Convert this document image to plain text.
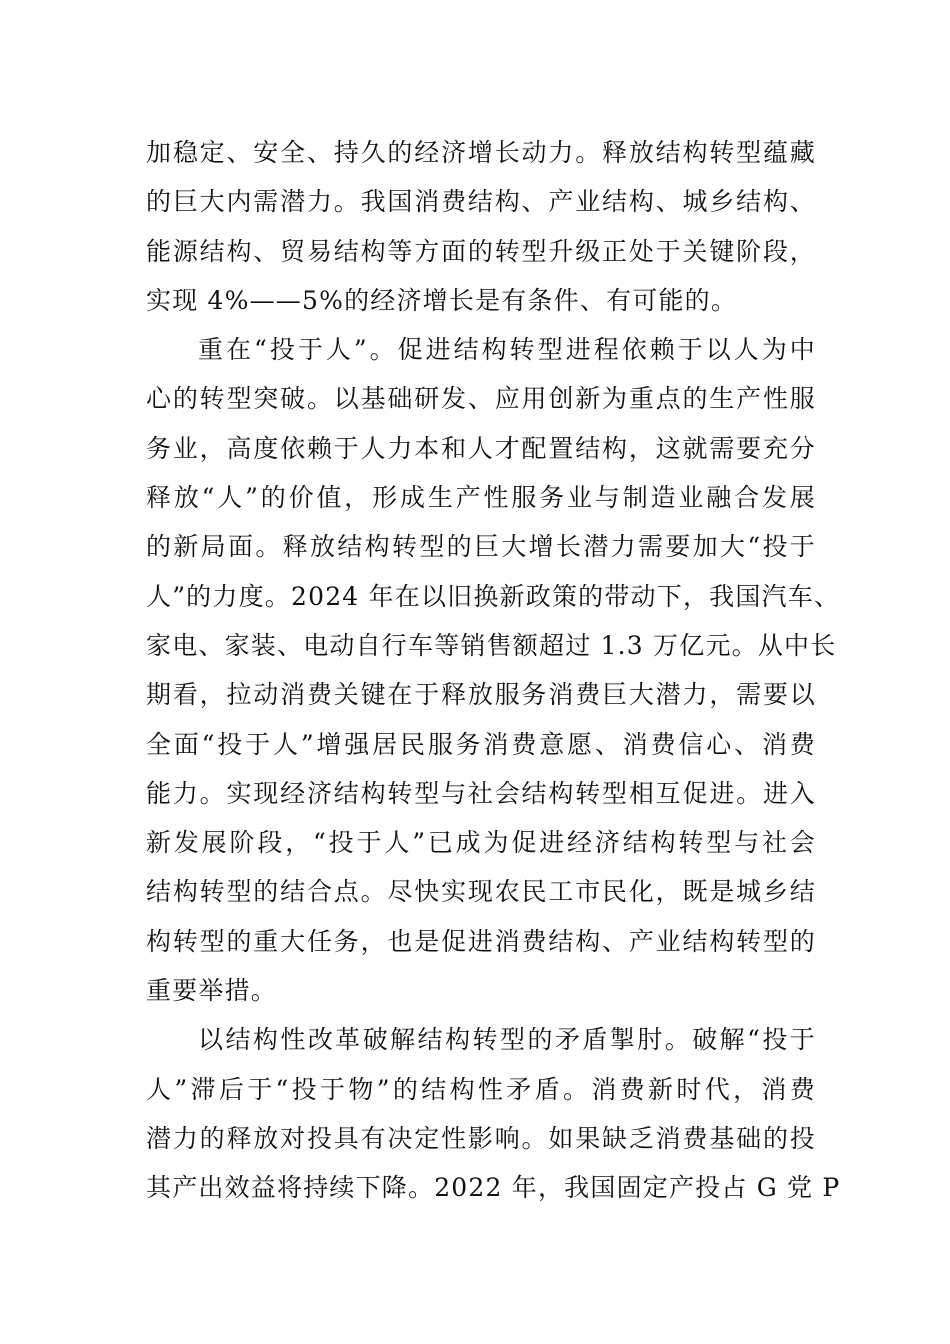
加稳定、安全、持久的经济增长动力。释放结构转型蕴藏
的巨大内需潜力。我国消费结构、产业结构、城乡结构、
能源结构、贸易结构等方面的转型升级正处于关键阶段，
实现 4%——5%的经济增长是有条件、有可能的。
重在“投于人”。促进结构转型进程依赖于以人为中
心的转型突破。以基础研发、应用创新为重点的生产性服
务业，高度依赖于人力本和人才配置结构，这就需要充分
释放“人”的价值，形成生产性服务业与制造业融合发展
的新局面。释放结构转型的巨大增长潜力需要加大“投于
人”的力度。2024 年在以旧换新政策的带动下，我国汽车、
家电、家装、电动自行车等销售额超过 1.3 万亿元。从中长
期看，拉动消费关键在于释放服务消费巨大潜力，需要以
全面“投于人”增强居民服务消费意愿、消费信心、消费
能力。实现经济结构转型与社会结构转型相互促进。进入
新发展阶段，“投于人”已成为促进经济结构转型与社会
结构转型的结合点。尽快实现农民工市民化，既是城乡结
构转型的重大任务，也是促进消费结构、产业结构转型的
重要举措。
以结构性改革破解结构转型的矛盾掣肘。破解“投于
人”滞后于“投于物”的结构性矛盾。消费新时代，消费
潜力的释放对投具有决定性影响。如果缺乏消费基础的投
其产出效益将持续下降。2022 年，我国固定产投占 G 党 P
